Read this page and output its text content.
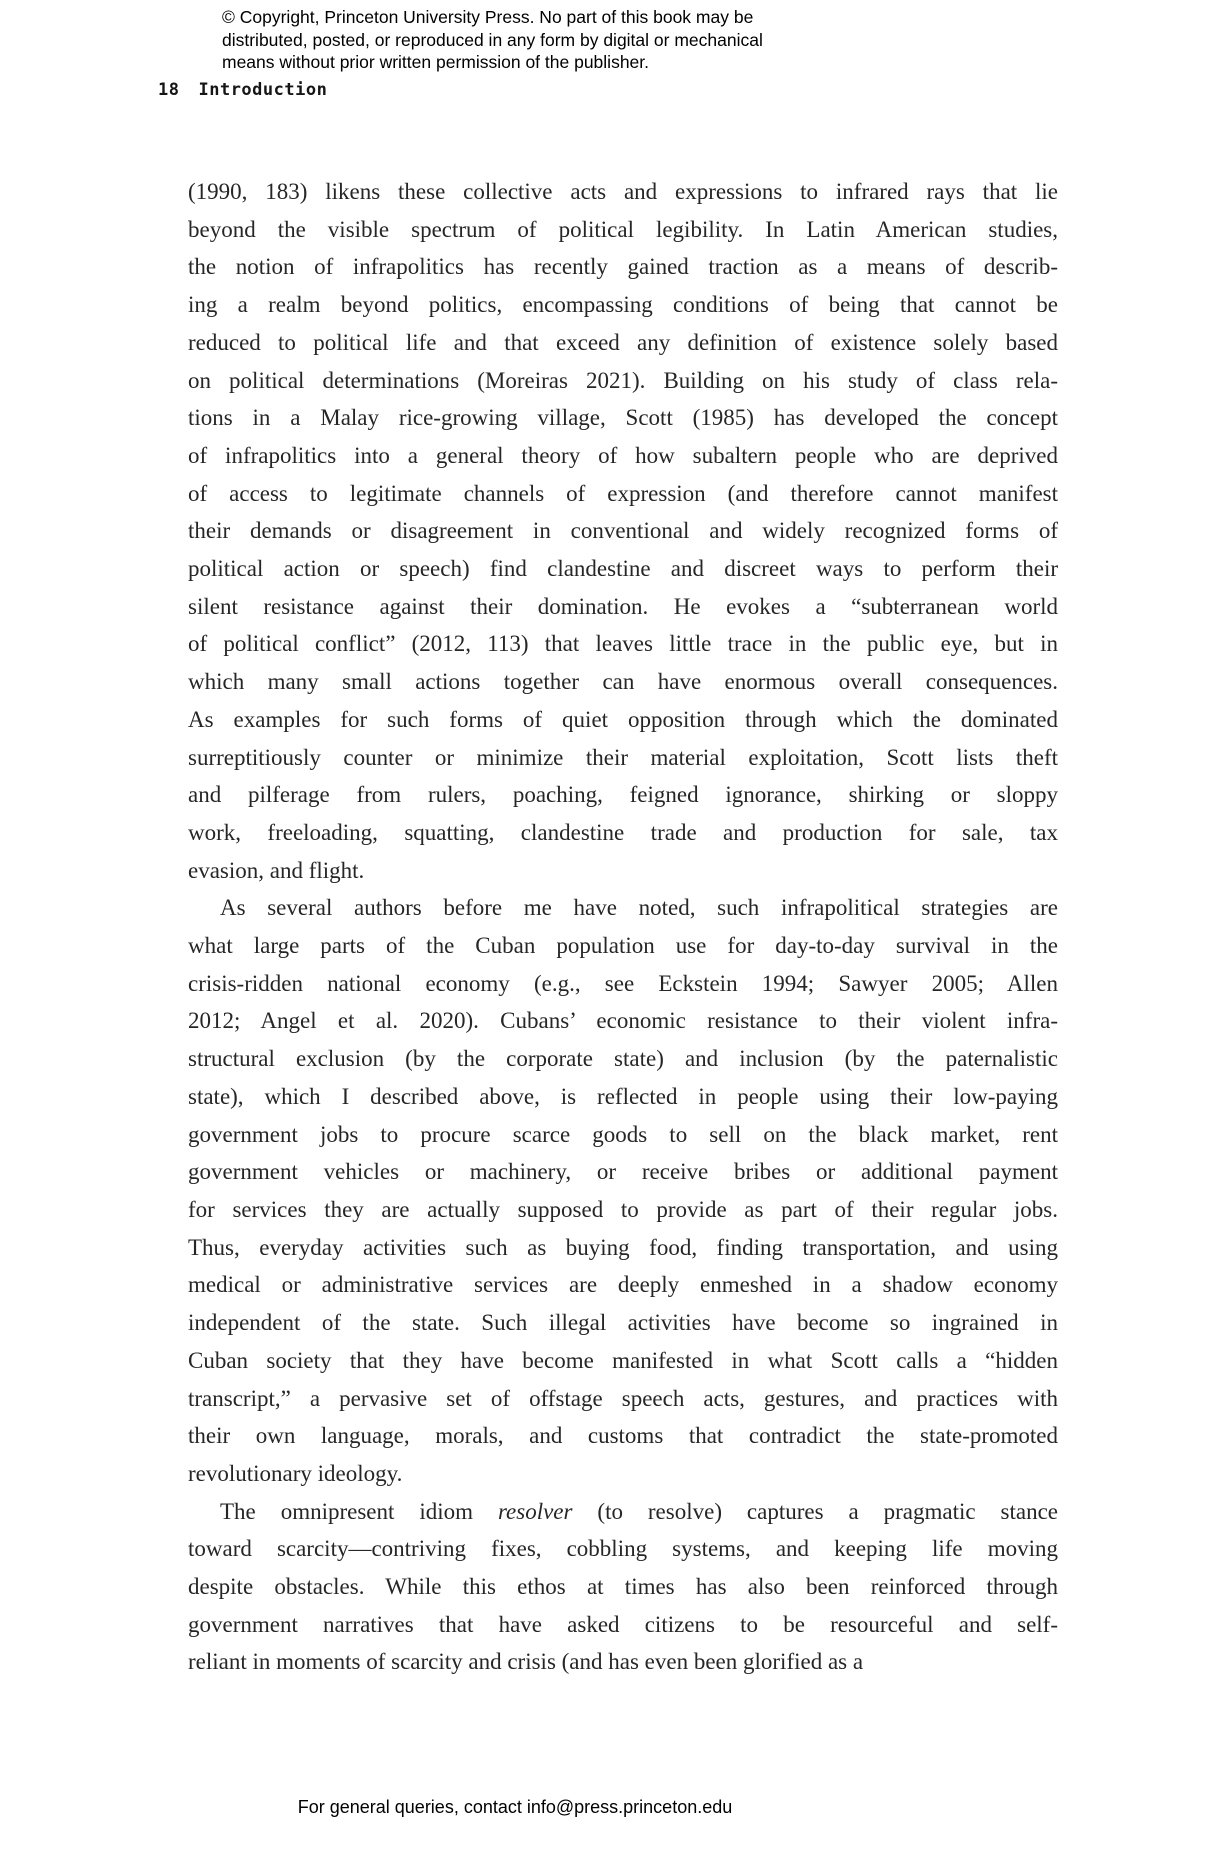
© Copyright, Princeton University Press. No part of this book may be
distributed, posted, or reproduced in any form by digital or mechanical
means without prior written permission of the publisher.
18 Introduction
(1990, 183) likens these collective acts and expressions to infrared rays that lie
beyond the visible spectrum of political legibility. In Latin American studies,
the notion of infrapolitics has recently gained traction as a means of describ-
ing a realm beyond politics, encompassing conditions of being that cannot be
reduced to political life and that exceed any definition of existence solely based
on political determinations (Moreiras 2021). Building on his study of class rela-
tions in a Malay rice-growing village, Scott (1985) has developed the concept
of infrapolitics into a general theory of how subaltern people who are deprived
of access to legitimate channels of expression (and therefore cannot manifest
their demands or disagreement in conventional and widely recognized forms of
political action or speech) find clandestine and discreet ways to perform their
silent resistance against their domination. He evokes a “subterranean world
of political conflict” (2012, 113) that leaves little trace in the public eye, but in
which many small actions together can have enormous overall consequences.
As examples for such forms of quiet opposition through which the dominated
surreptitiously counter or minimize their material exploitation, Scott lists theft
and pilferage from rulers, poaching, feigned ignorance, shirking or sloppy
work, freeloading, squatting, clandestine trade and production for sale, tax
evasion, and flight.
As several authors before me have noted, such infrapolitical strategies are
what large parts of the Cuban population use for day-to-day survival in the
crisis-ridden national economy (e.g., see Eckstein 1994; Sawyer 2005; Allen
2012; Angel et al. 2020). Cubans’ economic resistance to their violent infra-
structural exclusion (by the corporate state) and inclusion (by the paternalistic
state), which I described above, is reflected in people using their low-paying
government jobs to procure scarce goods to sell on the black market, rent
government vehicles or machinery, or receive bribes or additional payment
for services they are actually supposed to provide as part of their regular jobs.
Thus, everyday activities such as buying food, finding transportation, and using
medical or administrative services are deeply enmeshed in a shadow economy
independent of the state. Such illegal activities have become so ingrained in
Cuban society that they have become manifested in what Scott calls a “hidden
transcript,” a pervasive set of offstage speech acts, gestures, and practices with
their own language, morals, and customs that contradict the state-promoted
revolutionary ideology.
The omnipresent idiom resolver (to resolve) captures a pragmatic stance
toward scarcity—contriving fixes, cobbling systems, and keeping life moving
despite obstacles. While this ethos at times has also been reinforced through
government narratives that have asked citizens to be resourceful and self-
reliant in moments of scarcity and crisis (and has even been glorified as a
For general queries, contact info@press.princeton.edu
